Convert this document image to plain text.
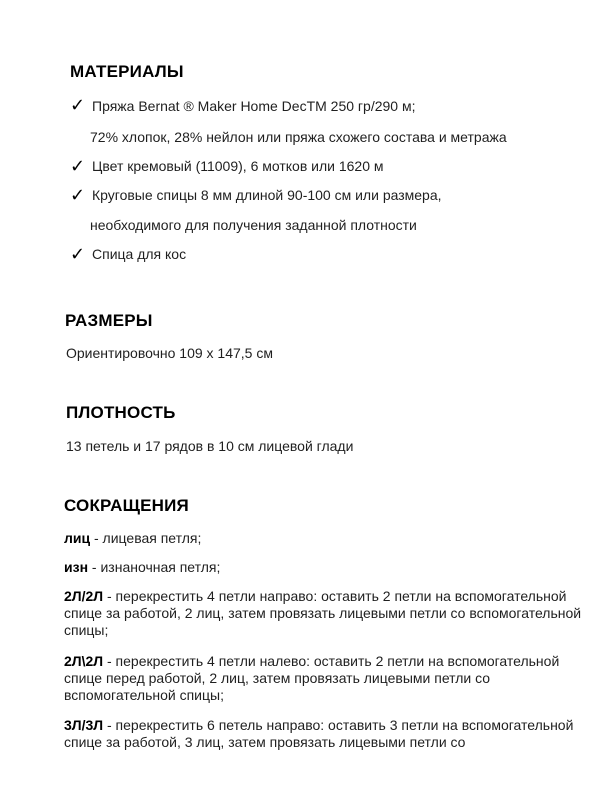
МАТЕРИАЛЫ
✓ Пряжа Bernat ® Maker Home DecTM 250 гр/290 м;
72% хлопок, 28% нейлон или пряжа схожего состава и метража
✓ Цвет кремовый (11009), 6 мотков или 1620 м
✓ Круговые спицы 8 мм длиной 90-100 см или размера,
необходимого для получения заданной плотности
✓ Спица для кос
РАЗМЕРЫ
Ориентировочно 109 x 147,5 см
ПЛОТНОСТЬ
13 петель и 17 рядов в 10 см лицевой глади
СОКРАЩЕНИЯ
лиц - лицевая петля;
изн - изнаночная петля;
2Л/2Л - перекрестить 4 петли направо: оставить 2 петли на вспомогательной спице за работой, 2 лиц, затем провязать лицевыми петли со вспомогательной спицы;
2Л\2Л - перекрестить 4 петли налево: оставить 2 петли на вспомогательной спице перед работой, 2 лиц, затем провязать лицевыми петли со вспомогательной спицы;
3Л/3Л - перекрестить 6 петель направо: оставить 3 петли на вспомогательной спице за работой, 3 лиц, затем провязать лицевыми петли со
